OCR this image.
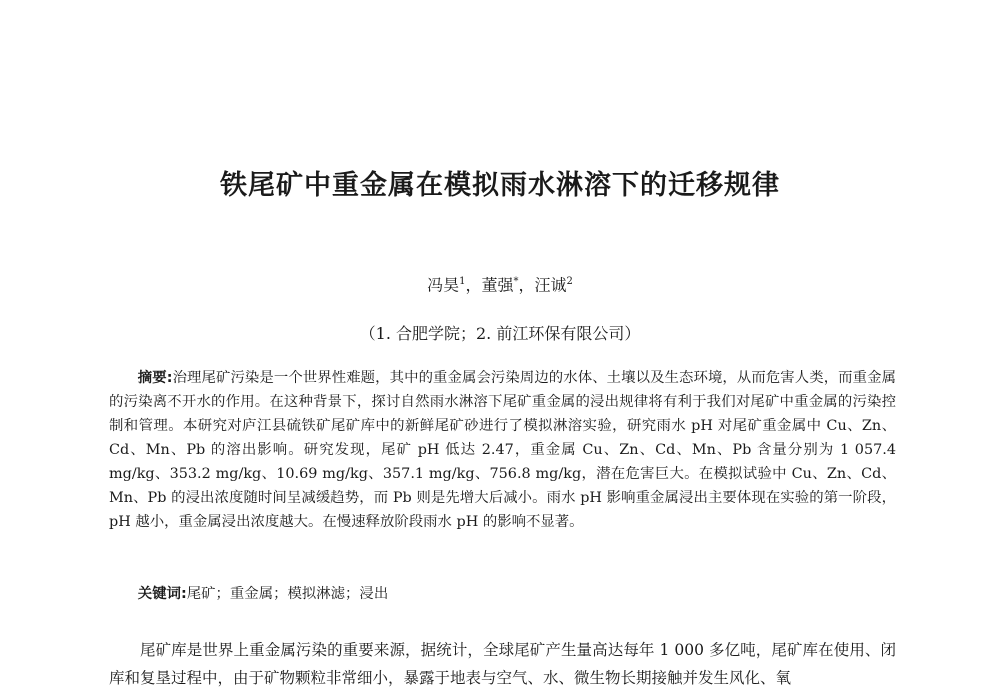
铁尾矿中重金属在模拟雨水淋溶下的迁移规律
冯昊$^1$，董强*，汪诚$^2$
（1. 合肥学院；2. 前江环保有限公司）
摘要:治理尾矿污染是一个世界性难题，其中的重金属会污染周边的水体、土壤以及生态环境，从而危害人类，而重金属的污染离不开水的作用。在这种背景下，探讨自然雨水淋溶下尾矿重金属的浸出规律将有利于我们对尾矿中重金属的污染控制和管理。本研究对庐江县硫铁矿尾矿库中的新鲜尾矿砂进行了模拟淋溶实验，研究雨水 pH 对尾矿重金属中 Cu、Zn、Cd、Mn、Pb 的溶出影响。研究发现，尾矿 pH 低达 2.47，重金属 Cu、Zn、Cd、Mn、Pb 含量分别为 1 057.4 mg/kg、353.2 mg/kg、10.69 mg/kg、357.1 mg/kg、756.8 mg/kg，潜在危害巨大。在模拟试验中 Cu、Zn、Cd、Mn、Pb 的浸出浓度随时间呈减缓趋势，而 Pb 则是先增大后减小。雨水 pH 影响重金属浸出主要体现在实验的第一阶段，pH 越小，重金属浸出浓度越大。在慢速释放阶段雨水 pH 的影响不显著。
关键词:尾矿；重金属；模拟淋滤；浸出
尾矿库是世界上重金属污染的重要来源，据统计，全球尾矿产生量高达每年 1 000 多亿吨，尾矿库在使用、闭库和复垦过程中，由于矿物颗粒非常细小，暴露于地表与空气、水、微生物长期接触并发生风化、氧
